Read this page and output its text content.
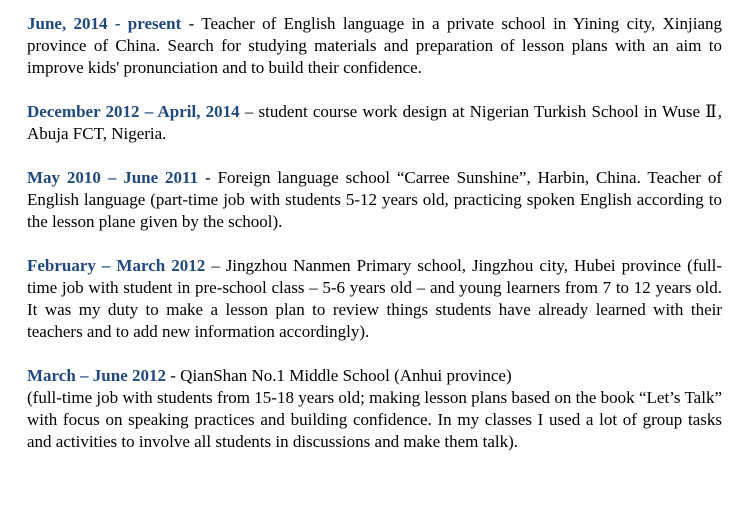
June, 2014 - present - Teacher of English language in a private school in Yining city, Xinjiang province of China. Search for studying materials and preparation of lesson plans with an aim to improve kids' pronunciation and to build their confidence.

December 2012 – April, 2014 – student course work design at Nigerian Turkish School in Wuse Ⅱ, Abuja FCT, Nigeria.

May 2010 – June 2011 - Foreign language school “Carree Sunshine”, Harbin, China. Teacher of English language (part-time job with students 5-12 years old, practicing spoken English according to the lesson plane given by the school).

February – March 2012 – Jingzhou Nanmen Primary school, Jingzhou city, Hubei province (full-time job with student in pre-school class – 5-6 years old – and young learners from 7 to 12 years old. It was my duty to make a lesson plan to review things students have already learned with their teachers and to add new information accordingly).

March – June 2012 - QianShan No.1 Middle School (Anhui province)
(full-time job with students from 15-18 years old; making lesson plans based on the book “Let’s Talk” with focus on speaking practices and building confidence. In my classes I used a lot of group tasks and activities to involve all students in discussions and make them talk).
